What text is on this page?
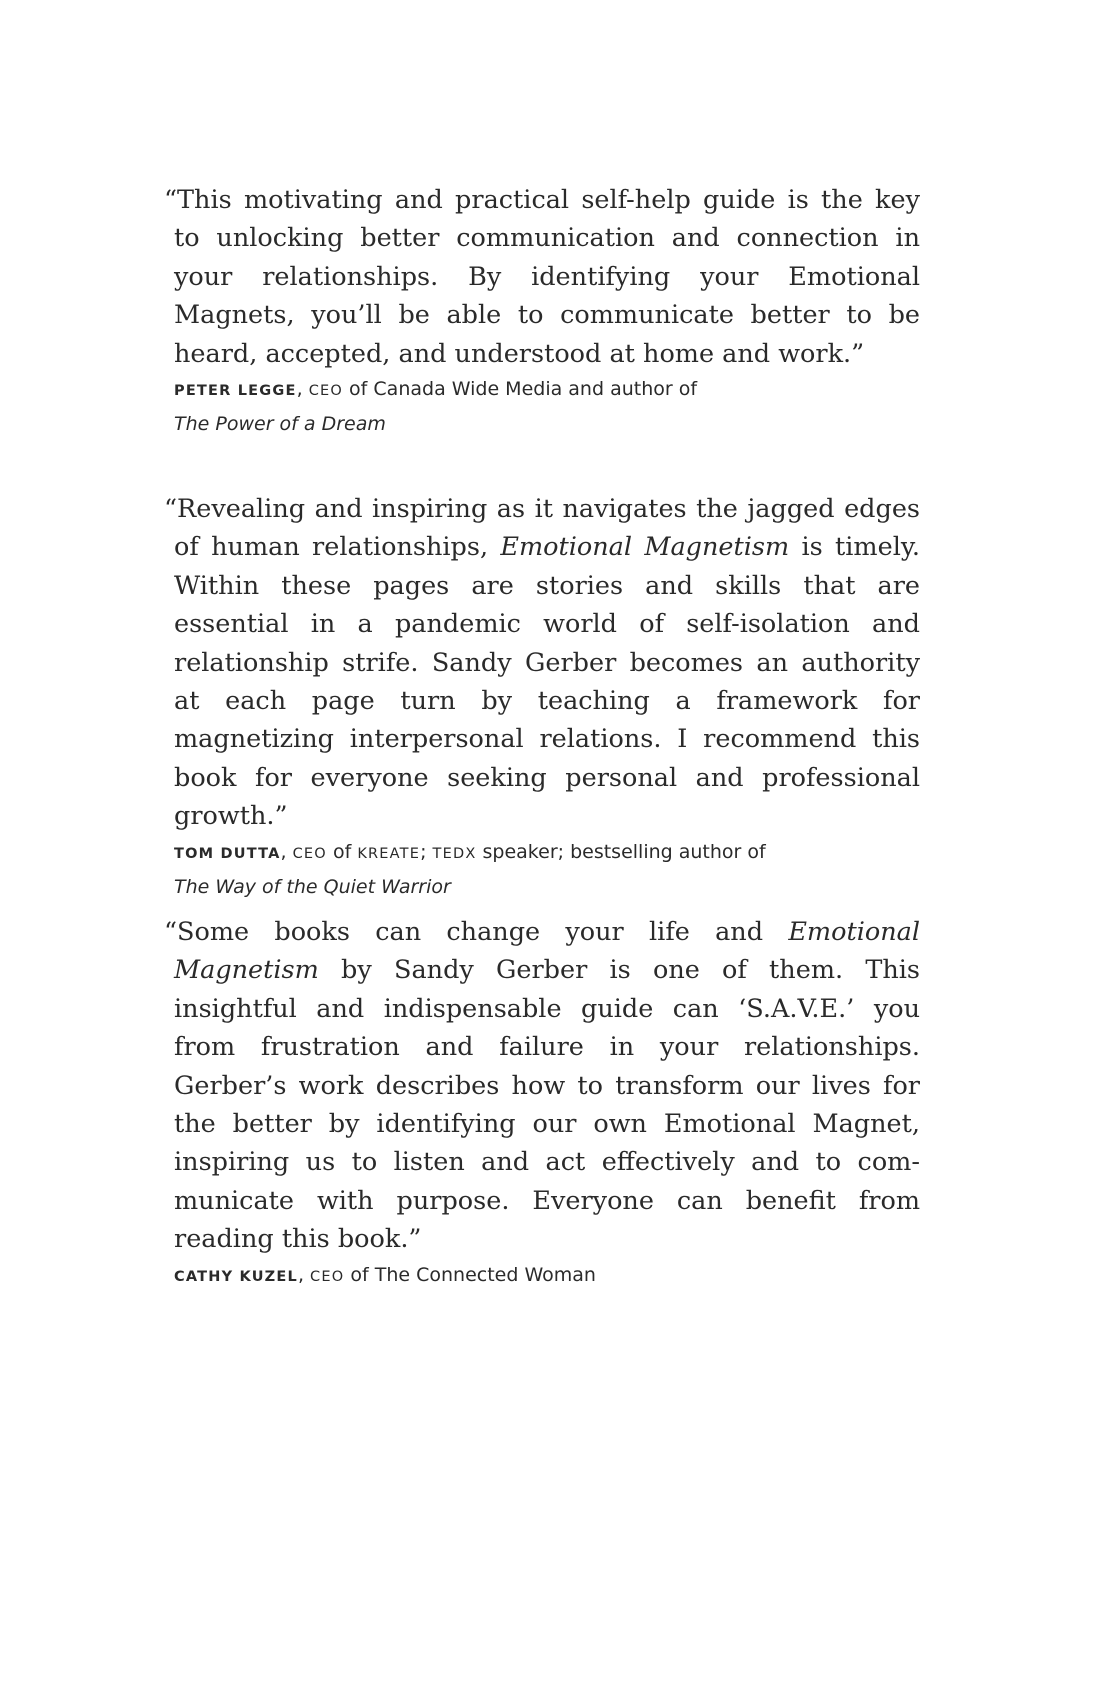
“This motivating and practical self-help guide is the key to unlocking better communication and connection in your relationships. By identifying your Emotional Magnets, you’ll be able to communicate better to be heard, accepted, and understood at home and work.”

PETER LEGGE, CEO of Canada Wide Media and author of
The Power of a Dream

“Revealing and inspiring as it navigates the jagged edges of human relationships, Emotional Magnetism is timely. Within these pages are stories and skills that are essential in a pandemic world of self-isolation and relationship strife. Sandy Gerber becomes an authority at each page turn by teaching a framework for magnetizing interpersonal relations. I recommend this book for everyone seeking personal and professional growth.”

TOM DUTTA, CEO of KREATE; TEDX speaker; bestselling author of
The Way of the Quiet Warrior

“Some books can change your life and Emotional Magnetism by Sandy Gerber is one of them. This insightful and indispensable guide can ‘S.A.V.E.’ you from frustration and failure in your relationships. Gerber’s work describes how to transform our lives for the better by identifying our own Emotional Magnet, inspiring us to listen and act effectively and to communicate with purpose. Everyone can benefit from reading this book.”

CATHY KUZEL, CEO of The Connected Woman
